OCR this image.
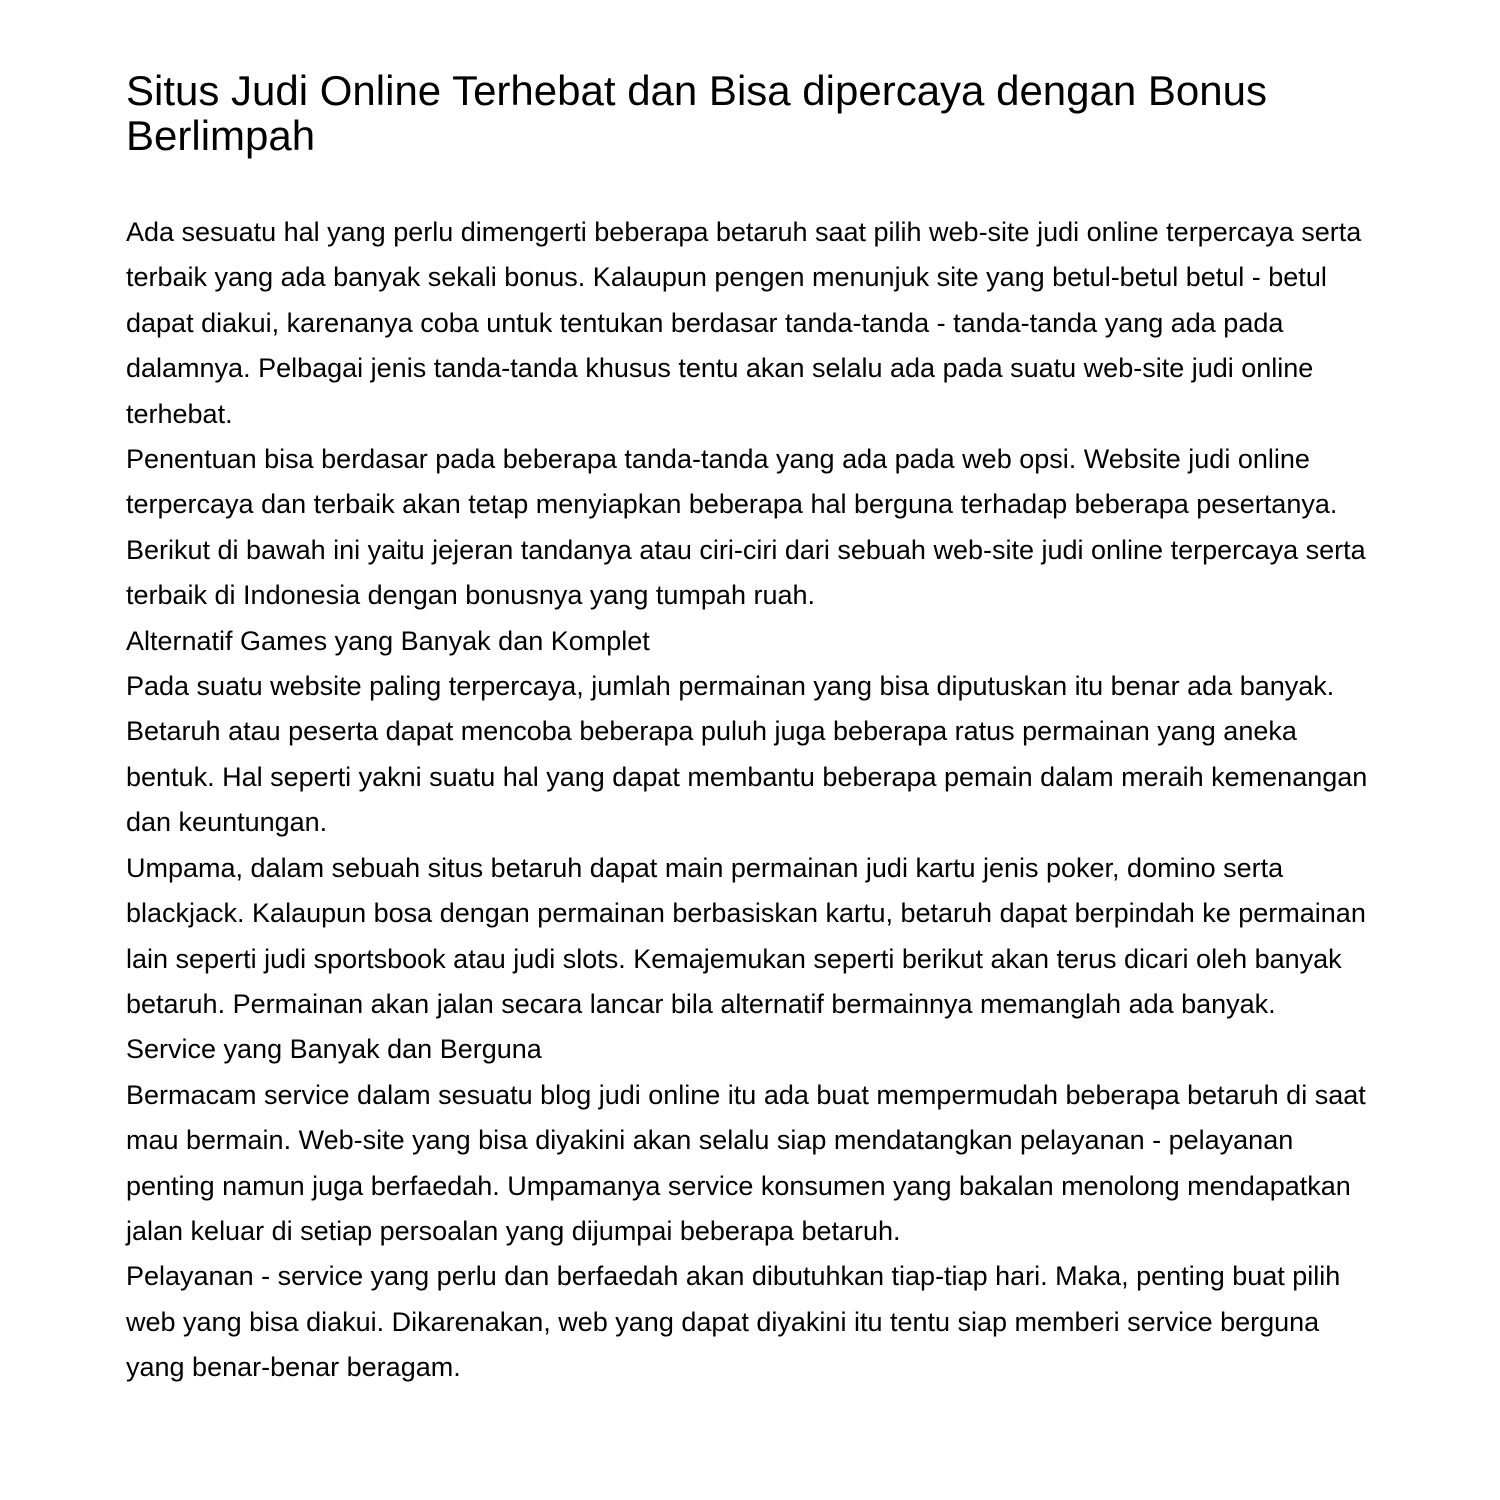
Situs Judi Online Terhebat dan Bisa dipercaya dengan Bonus Berlimpah

Ada sesuatu hal yang perlu dimengerti beberapa betaruh saat pilih web-site judi online terpercaya serta terbaik yang ada banyak sekali bonus. Kalaupun pengen menunjuk site yang betul-betul betul - betul dapat diakui, karenanya coba untuk tentukan berdasar tanda-tanda - tanda-tanda yang ada pada dalamnya. Pelbagai jenis tanda-tanda khusus tentu akan selalu ada pada suatu web-site judi online terhebat.

Penentuan bisa berdasar pada beberapa tanda-tanda yang ada pada web opsi. Website judi online terpercaya dan terbaik akan tetap menyiapkan beberapa hal berguna terhadap beberapa pesertanya. Berikut di bawah ini yaitu jejeran tandanya atau ciri-ciri dari sebuah web-site judi online terpercaya serta terbaik di Indonesia dengan bonusnya yang tumpah ruah.

Alternatif Games yang Banyak dan Komplet

Pada suatu website paling terpercaya, jumlah permainan yang bisa diputuskan itu benar ada banyak. Betaruh atau peserta dapat mencoba beberapa puluh juga beberapa ratus permainan yang aneka bentuk. Hal seperti yakni suatu hal yang dapat membantu beberapa pemain dalam meraih kemenangan dan keuntungan.

Umpama, dalam sebuah situs betaruh dapat main permainan judi kartu jenis poker, domino serta blackjack. Kalaupun bosa dengan permainan berbasiskan kartu, betaruh dapat berpindah ke permainan lain seperti judi sportsbook atau judi slots. Kemajemukan seperti berikut akan terus dicari oleh banyak betaruh. Permainan akan jalan secara lancar bila alternatif bermainnya memanglah ada banyak.

Service yang Banyak dan Berguna

Bermacam service dalam sesuatu blog judi online itu ada buat mempermudah beberapa betaruh di saat mau bermain. Web-site yang bisa diyakini akan selalu siap mendatangkan pelayanan - pelayanan penting namun juga berfaedah. Umpamanya service konsumen yang bakalan menolong mendapatkan jalan keluar di setiap persoalan yang dijumpai beberapa betaruh.

Pelayanan - service yang perlu dan berfaedah akan dibutuhkan tiap-tiap hari. Maka, penting buat pilih web yang bisa diakui. Dikarenakan, web yang dapat diyakini itu tentu siap memberi service berguna yang benar-benar beragam.
